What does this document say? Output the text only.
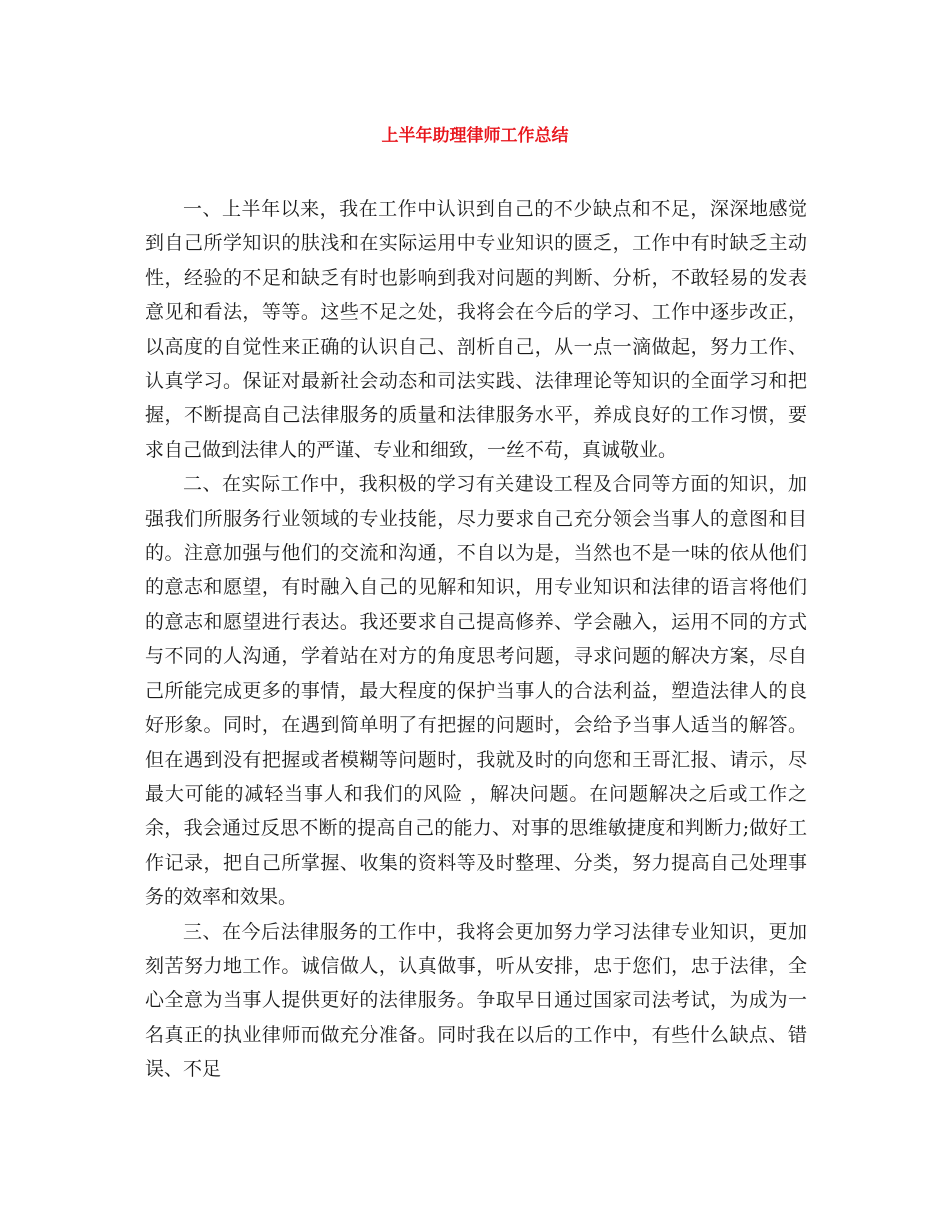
上半年助理律师工作总结

一、上半年以来，我在工作中认识到自己的不少缺点和不足，深深地感觉到自己所学知识的肤浅和在实际运用中专业知识的匮乏，工作中有时缺乏主动性，经验的不足和缺乏有时也影响到我对问题的判断、分析，不敢轻易的发表意见和看法，等等。这些不足之处，我将会在今后的学习、工作中逐步改正，以高度的自觉性来正确的认识自己、剖析自己，从一点一滴做起，努力工作、认真学习。保证对最新社会动态和司法实践、法律理论等知识的全面学习和把握，不断提高自己法律服务的质量和法律服务水平，养成良好的工作习惯，要求自己做到法律人的严谨、专业和细致，一丝不苟，真诚敬业。

二、在实际工作中，我积极的学习有关建设工程及合同等方面的知识，加强我们所服务行业领域的专业技能，尽力要求自己充分领会当事人的意图和目的。注意加强与他们的交流和沟通，不自以为是，当然也不是一味的依从他们的意志和愿望，有时融入自己的见解和知识，用专业知识和法律的语言将他们的意志和愿望进行表达。我还要求自己提高修养、学会融入，运用不同的方式与不同的人沟通，学着站在对方的角度思考问题，寻求问题的解决方案，尽自己所能完成更多的事情，最大程度的保护当事人的合法利益，塑造法律人的良好形象。同时，在遇到简单明了有把握的问题时，会给予当事人适当的解答。但在遇到没有把握或者模糊等问题时，我就及时的向您和王哥汇报、请示，尽最大可能的减轻当事人和我们的风险 ，解决问题。在问题解决之后或工作之余，我会通过反思不断的提高自己的能力、对事的思维敏捷度和判断力;做好工作记录，把自己所掌握、收集的资料等及时整理、分类，努力提高自己处理事务的效率和效果。

三、在今后法律服务的工作中，我将会更加努力学习法律专业知识，更加刻苦努力地工作。诚信做人，认真做事，听从安排，忠于您们，忠于法律，全心全意为当事人提供更好的法律服务。争取早日通过国家司法考试，为成为一名真正的执业律师而做充分准备。同时我在以后的工作中，有些什么缺点、错误、不足
